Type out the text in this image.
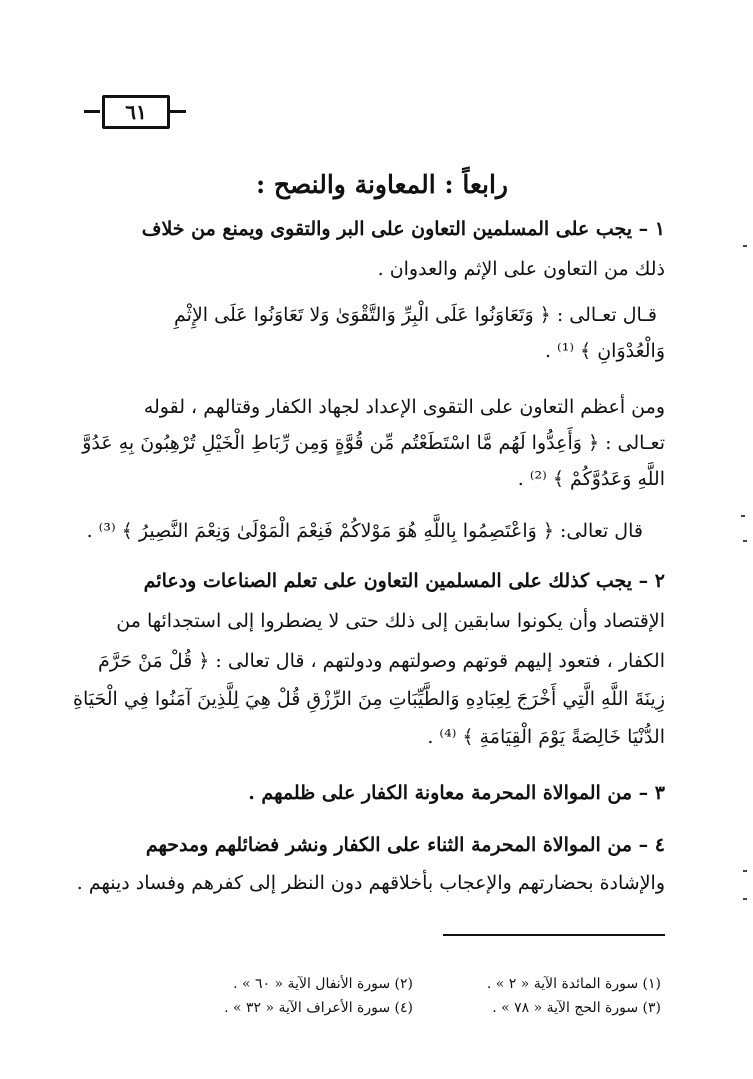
٦١
رابعاً : المعاونة والنصح :
١ – يجب على المسلمين التعاون على البر والتقوى ويمنع من خلاف
ذلك من التعاون على الإثم والعدوان .
قـال تعـالى : ﴿ وَتَعَاوَنُوا عَلَى الْبِرِّ وَالتَّقْوَىٰ وَلا تَعَاوَنُوا عَلَى الإِثْمِ
وَالْعُدْوَانِ ﴾ ⁽¹⁾ .
ومن أعظم التعاون على التقوى الإعداد لجهاد الكفار وقتالهم ، لقوله
تعـالى : ﴿ وَأَعِدُّوا لَهُم مَّا اسْتَطَعْتُم مِّن قُوَّةٍ وَمِن رِّبَاطِ الْخَيْلِ تُرْهِبُونَ بِهِ عَدُوَّ
اللَّهِ وَعَدُوَّكُمْ ﴾ ⁽²⁾ .
قال تعالى: ﴿ وَاعْتَصِمُوا بِاللَّهِ هُوَ مَوْلاكُمْ فَنِعْمَ الْمَوْلَىٰ وَنِعْمَ النَّصِيرُ ﴾ ⁽³⁾ .
٢ – يجب كذلك على المسلمين التعاون على تعلم الصناعات ودعائم
الإقتصاد وأن يكونوا سابقين إلى ذلك حتى لا يضطروا إلى استجدائها من
الكفار ، فتعود إليهم قوتهم وصولتهم ودولتهم ، قال تعالى : ﴿ قُلْ مَنْ حَرَّمَ
زِينَةَ اللَّهِ الَّتِي أَخْرَجَ لِعِبَادِهِ وَالطَّيِّبَاتِ مِنَ الرِّزْقِ قُلْ هِيَ لِلَّذِينَ آمَنُوا فِي الْحَيَاةِ
الدُّنْيَا خَالِصَةً يَوْمَ الْقِيَامَةِ ﴾ ⁽⁴⁾ .
٣ – من الموالاة المحرمة معاونة الكفار على ظلمهم .
٤ – من الموالاة المحرمة الثناء على الكفار ونشر فضائلهم ومدحهم
والإشادة بحضارتهم والإعجاب بأخلاقهم دون النظر إلى كفرهم وفساد دينهم .
(١) سورة المائدة الآية « ٢ » .
(٢) سورة الأنفال الآية « ٦٠ » .
(٣) سورة الحج الآية « ٧٨ » .
(٤) سورة الأعراف الآية « ٣٢ » .
